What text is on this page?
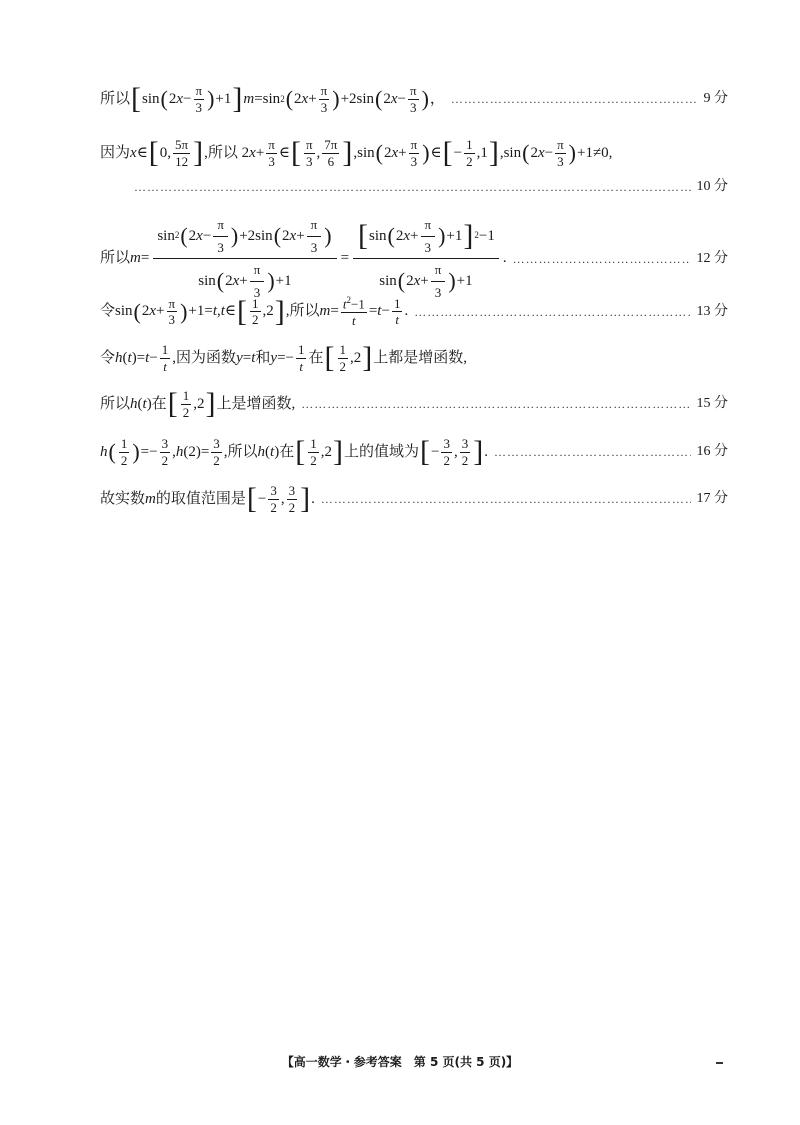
所以 [ sin ( 2 $x - \frac{\pi}{3}$ ) +1 ] m =sin 2 ( 2 $x + \frac{\pi}{3}$ ) +2sin ( 2 $x - \frac{\pi}{3}$ ) ， ……………………………………………………………………………………………………………………………	9 分
因为 x ∈ [ 0, $\frac{5\pi}{12}$ ] ,所以 2 $x + \frac{\pi}{3}$ ∈ [ $\frac{\pi}{3}$ , $\frac{7\pi}{6}$ ] ,sin ( 2 $x + \frac{\pi}{3}$ ) ∈ [ − $\frac{1}{2} ,1$ ] ,sin ( 2 $x - \frac{\pi}{3}$ ) +1≠0,
……………………………………………………………………………………………………………………………
10 分
所以 $m = \frac{\sin 2 ( 2 x - \frac{\pi}{3} ) +2\sin ( 2 x + \frac{\pi}{3} )}{\sin ( 2 x + \frac{\pi}{3} ) +1} = \frac{[ \sin ( 2 x + \frac{\pi}{3} ) +1 ] 2 -1}{\sin ( 2 x + \frac{\pi}{3} ) +1}$ . ……………………………………………………………………………………………………………………………	12 分
令 sin ( 2 $x + \frac{\pi}{3}$ ) +1= t , t ∈ [ $\frac{1}{2} ,2$ ] ,所以 $m = \frac{t^2-1}{t} = t - \frac{1}{t}$ . ……………………………………………………………………………………………………………………………	13 分
令 h ( t )= $t - \frac{1}{t}$ ,因为函数 y = t 和 $y =- \frac{1}{t}$ 在 [ $\frac{1}{2} ,2$ ] 上都是增函数,
所以 h ( t )在 [ $\frac{1}{2} ,2$ ] 上是增函数, ……………………………………………………………………………………………………………………………	15 分
h ( $\frac{1}{2}$ ) =− $\frac{3}{2}$ , h $(2)= \frac{3}{2}$ ,所以 h ( t )在 [ $\frac{1}{2} ,2$ ] 上的值域为 [ − $\frac{3}{2}$ , $\frac{3}{2}$ ] . ……………………………………………………………………………………………………………………………	16 分
故实数 m 的取值范围是 [ − $\frac{3}{2}$ , $\frac{3}{2}$ ] . ……………………………………………………………………………………………………………………………	17 分
【高一数学・参考答案　第 5 页(共 5 页)】
